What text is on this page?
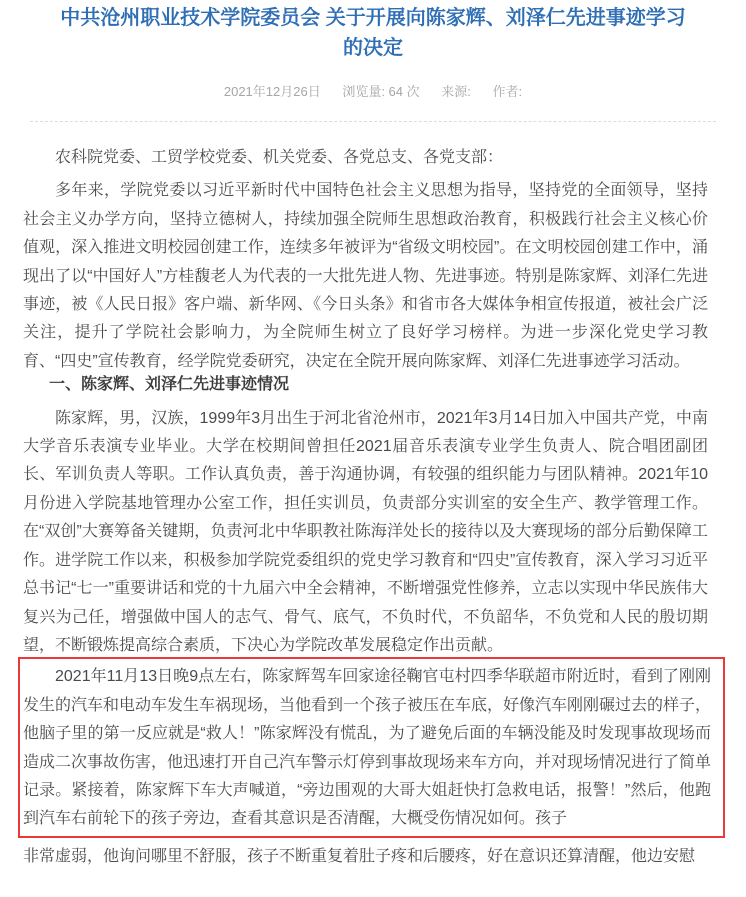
中共沧州职业技术学院委员会 关于开展向陈家辉、刘泽仁先进事迹学习
的决定
2021年12月26日 浏览量: 64 次 来源: 作者:

农科院党委、工贸学校党委、机关党委、各党总支、各党支部：

多年来，学院党委以习近平新时代中国特色社会主义思想为指导，坚持党的全面领导，坚持社会主义办学方向，坚持立德树人，持续加强全院师生思想政治教育，积极践行社会主义核心价值观，深入推进文明校园创建工作，连续多年被评为“省级文明校园”。在文明校园创建工作中，涌现出了以“中国好人”方桂馥老人为代表的一大批先进人物、先进事迹。特别是陈家辉、刘泽仁先进事迹，被《人民日报》客户端、新华网、《今日头条》和省市各大媒体争相宣传报道，被社会广泛关注，提升了学院社会影响力，为全院师生树立了良好学习榜样。为进一步深化党史学习教育、“四史”宣传教育，经学院党委研究，决定在全院开展向陈家辉、刘泽仁先进事迹学习活动。

一、陈家辉、刘泽仁先进事迹情况

陈家辉，男，汉族，1999年3月出生于河北省沧州市，2021年3月14日加入中国共产党，中南大学音乐表演专业毕业。大学在校期间曾担任2021届音乐表演专业学生负责人、院合唱团副团长、军训负责人等职。工作认真负责，善于沟通协调，有较强的组织能力与团队精神。2021年10月份进入学院基地管理办公室工作，担任实训员，负责部分实训室的安全生产、教学管理工作。在“双创”大赛筹备关键期，负责河北中华职教社陈海洋处长的接待以及大赛现场的部分后勤保障工作。进学院工作以来，积极参加学院党委组织的党史学习教育和“四史”宣传教育，深入学习习近平总书记“七一”重要讲话和党的十九届六中全会精神，不断增强党性修养，立志以实现中华民族伟大复兴为己任，增强做中国人的志气、骨气、底气，不负时代，不负韶华，不负党和人民的殷切期望，不断锻炼提高综合素质，下决心为学院改革发展稳定作出贡献。

2021年11月13日晚9点左右，陈家辉驾车回家途径鞠官屯村四季华联超市附近时，看到了刚刚发生的汽车和电动车发生车祸现场，当他看到一个孩子被压在车底，好像汽车刚刚碾过去的样子，他脑子里的第一反应就是“救人！”陈家辉没有慌乱，为了避免后面的车辆没能及时发现事故现场而造成二次事故伤害，他迅速打开自己汽车警示灯停到事故现场来车方向，并对现场情况进行了简单记录。紧接着，陈家辉下车大声喊道，“旁边围观的大哥大姐赶快打急救电话，报警！”然后，他跑到汽车右前轮下的孩子旁边，查看其意识是否清醒，大概受伤情况如何。孩子

非常虚弱，他询问哪里不舒服，孩子不断重复着肚子疼和后腰疼，好在意识还算清醒，他边安慰
